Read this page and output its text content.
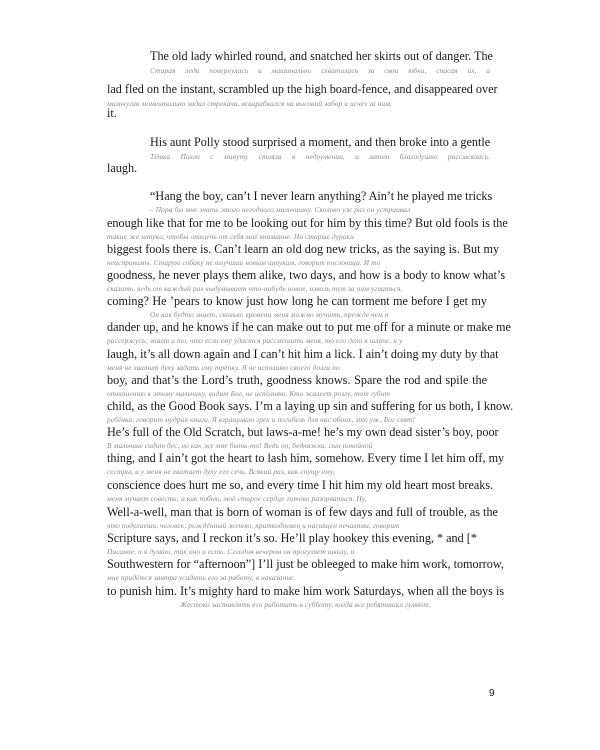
The old lady whirled round, and snatched her skirts out of danger. The
Старая леди повернулась и машинально схватилась за свои юбки, спасая их, а
lad fled on the instant, scrambled up the high board-fence, and disappeared over
мальчуган моментально задал стрекача, вскарабкался на высокий забор и исчез за ним.
it.
His aunt Polly stood surprised a moment, and then broke into a gentle
Тётка Полли с минуту стояла в недоумении, а затем благодушно рассмеялась.
laugh.
“Hang the boy, can’t I never learn anything? Ain’t he played me tricks
– Пора бы мне знать этого негодного мальчишку. Сколько уж раз он устраивал
enough like that for me to be looking out for him by this time? But old fools is the
такие же штуки, чтобы отвлечь от себя моё внимание. Но старые дураки
biggest fools there is. Can’t learn an old dog new tricks, as the saying is. But my
неисправимы. Старую собаку не выучишь новым штукам, говорит пословица. И то
goodness, he never plays them alike, two days, and how is a body to know what’s
сказать, ведь от каждый раз выдумывает что-нибудь новое, изволь тут за ним угнаться.
coming? He ’pears to know just how long he can torment me before I get my
Он как будто знает, сколько времени меня можно мучить, прежде чем я
dander up, and he knows if he can make out to put me off for a minute or make me
рассержусь; знает и то, что если ему удастся рассмешить меня, то его дело в шляпе, и у
laugh, it’s all down again and I can’t hit him a lick. I ain’t doing my duty by that
меня не хватит духу задать ему трёпку. Я не исполняю своего долга по
boy, and that’s the Lord’s truth, goodness knows. Spare the rod and spile the
отношению к этому мальчику, видит Бог, не исполняю. Кто жалеет розгу, тот губит
child, as the Good Book says. I’m a laying up sin and suffering for us both, I know.
ребёнка, говорит мудрая книга. Я взращиваю грех и погибель для нас обоих, это уж, Бог свят!
He’s full of the Old Scratch, but laws-a-me! he’s my own dead sister’s boy, poor
В мальчике сидит бес, но как же мне быть-то! Ведь он, бедняжка, сын покойной
thing, and I ain’t got the heart to lash him, somehow. Every time I let him off, my
сестры, и у меня не хватает духу его сечь. Всякий раз, как спущу ему,
conscience does hurt me so, and every time I hit him my old heart most breaks.
меня мучает совесть; а как побью, моё старое сердце готово разорваться. Ну,
Well-a-well, man that is born of woman is of few days and full of trouble, as the
что поделаешь, человек, рождённый женою, краткодневен и насыщен печалями, говорит
Scripture says, and I reckon it’s so. He’ll play hookey this evening, * and [*
Писание, и я думаю, так оно и есть. Сегодня вечером он прогуляет школу, и
Southwestern for “afternoon”] I’ll just be obleeged to make him work, tomorrow,
мне придётся завтра усадить его за работу, в наказание.
to punish him. It’s mighty hard to make him work Saturdays, when all the boys is
Жестоко заставлять его работать в субботу, когда все ребятишки гуляют,
9
